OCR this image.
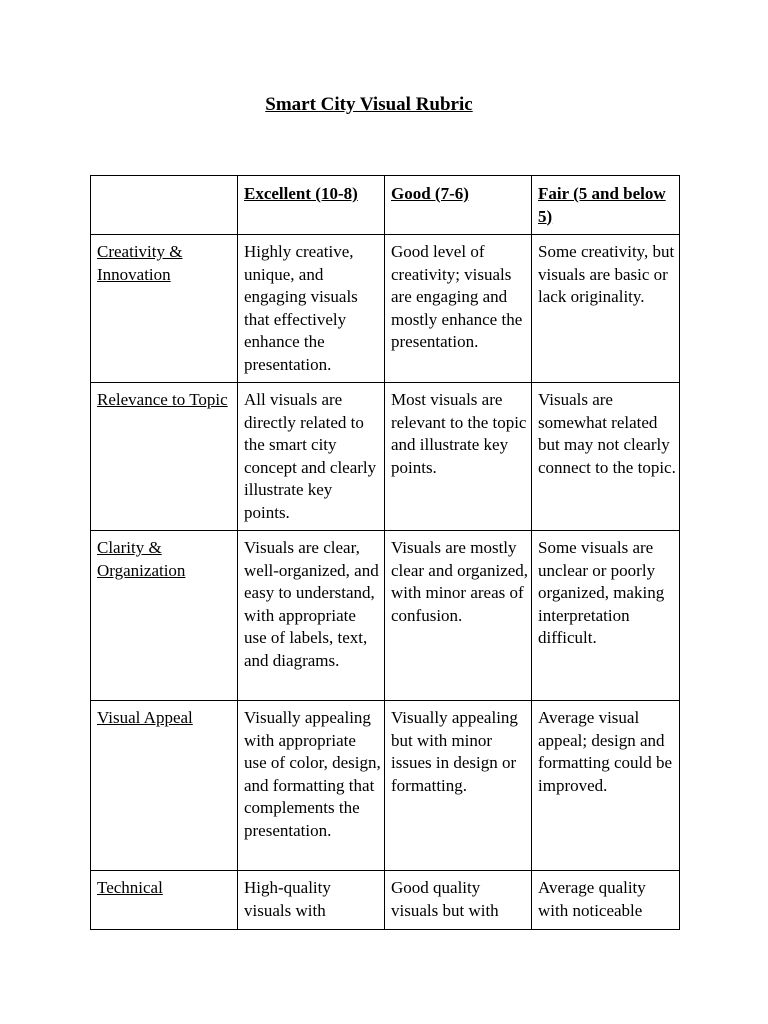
Smart City Visual Rubric
	Excellent (10-8)	Good (7-6)	Fair (5 and below 5)
Creativity & Innovation	Highly creative, unique, and engaging visuals that effectively enhance the presentation.	Good level of creativity; visuals are engaging and mostly enhance the presentation.	Some creativity, but visuals are basic or lack originality.
Relevance to Topic	All visuals are directly related to the smart city concept and clearly illustrate key points.	Most visuals are relevant to the topic and illustrate key points.	Visuals are somewhat related but may not clearly connect to the topic.
Clarity & Organization	Visuals are clear, well-organized, and easy to understand, with appropriate use of labels, text, and diagrams.	Visuals are mostly clear and organized, with minor areas of confusion.	Some visuals are unclear or poorly organized, making interpretation difficult.
Visual Appeal	Visually appealing with appropriate use of color, design, and formatting that complements the presentation.	Visually appealing but with minor issues in design or formatting.	Average visual appeal; design and formatting could be improved.

Technical	High-quality visuals with	Good quality visuals but with	Average quality with noticeable
